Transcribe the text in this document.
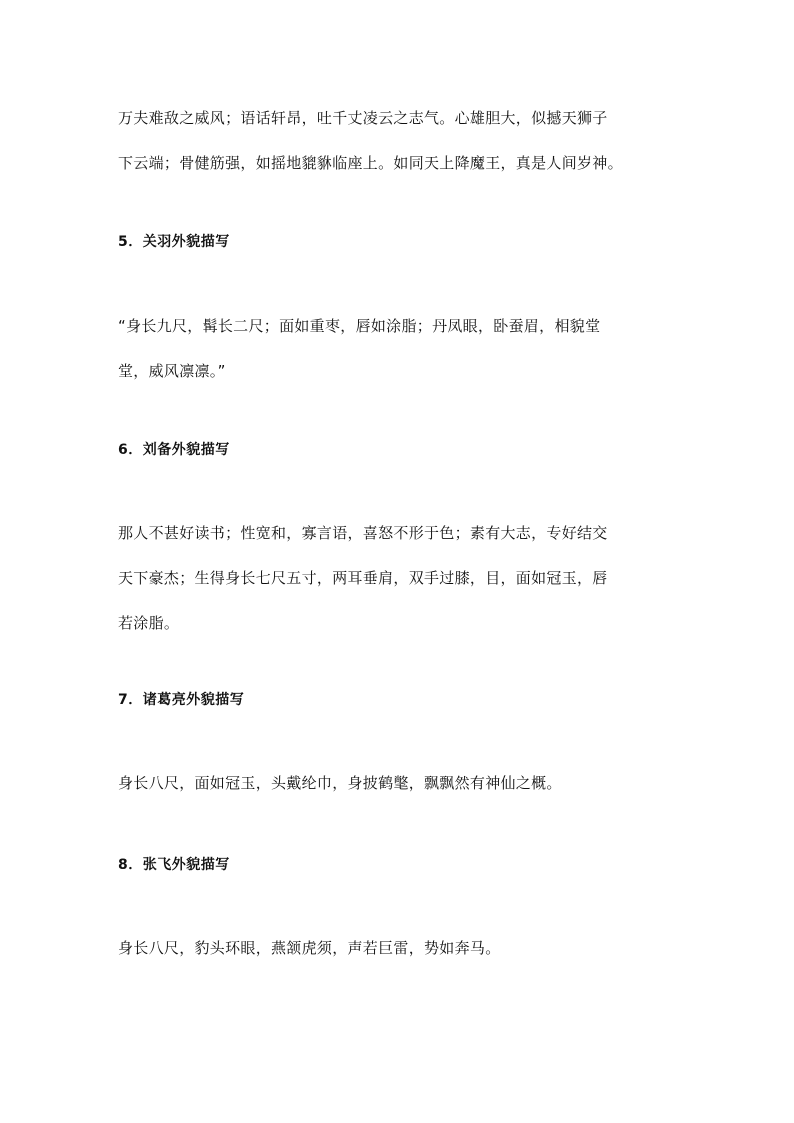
万夫难敌之威风；语话轩昂，吐千丈凌云之志气。心雄胆大，似撼天狮子
下云端；骨健筋强，如摇地貔貅临座上。如同天上降魔王，真是人间岁神。

5．关羽外貌描写

“身长九尺，髯长二尺；面如重枣，唇如涂脂；丹凤眼，卧蚕眉，相貌堂
堂，威风凛凛。”

6．刘备外貌描写

那人不甚好读书；性宽和，寡言语，喜怒不形于色；素有大志，专好结交
天下豪杰；生得身长七尺五寸，两耳垂肩，双手过膝，目，面如冠玉，唇
若涂脂。

7．诸葛亮外貌描写

身长八尺，面如冠玉，头戴纶巾，身披鹤氅，飘飘然有神仙之概。

8．张飞外貌描写

身长八尺，豹头环眼，燕颔虎须，声若巨雷，势如奔马。
